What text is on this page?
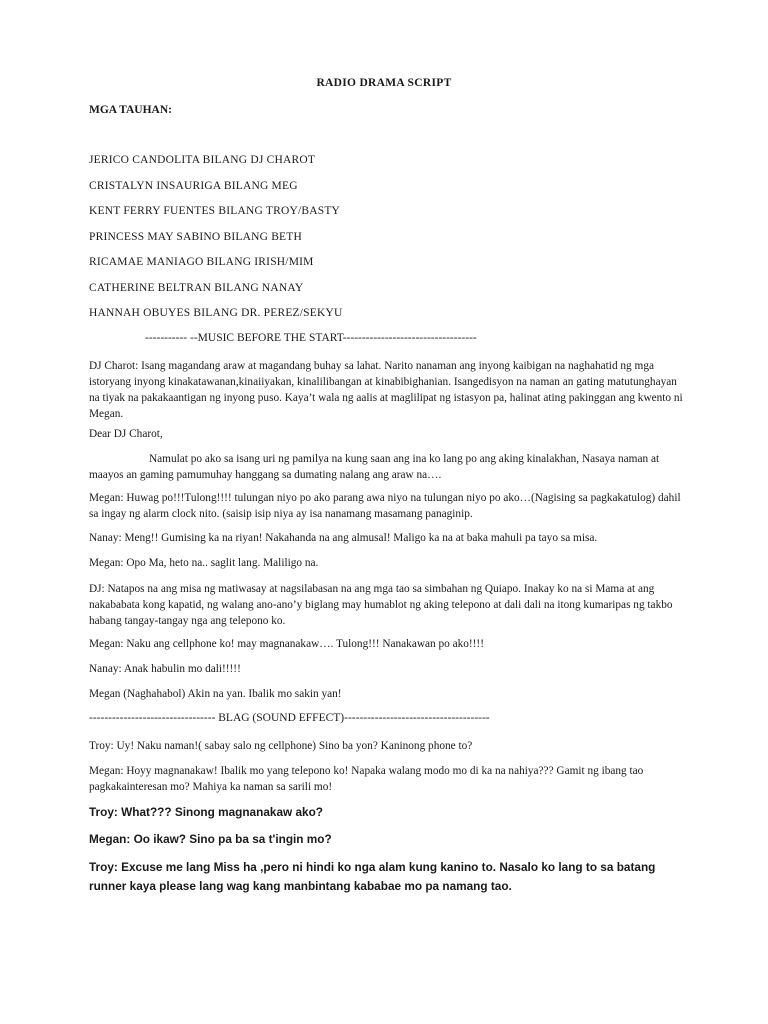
RADIO DRAMA SCRIPT
MGA TAUHAN:
JERICO CANDOLITA BILANG DJ CHAROT
CRISTALYN INSAURIGA BILANG MEG
KENT FERRY FUENTES BILANG TROY/BASTY
PRINCESS MAY SABINO BILANG BETH
RICAMAE MANIAGO BILANG IRISH/MIM
CATHERINE BELTRAN BILANG NANAY
HANNAH OBUYES BILANG DR. PEREZ/SEKYU
----------- --MUSIC BEFORE THE START-----------------------------------
DJ Charot: Isang magandang araw at magandang buhay sa lahat. Narito nanaman ang inyong kaibigan na naghahatid ng mga istoryang inyong kinakatawanan,kinaiiyakan, kinalilibangan at kinabibighanian. Isangedisyon na naman an gating matutunghayan na tiyak na pakakaantigan ng inyong puso. Kaya’t wala ng aalis at maglilipat ng istasyon pa, halinat ating pakinggan ang kwento ni Megan.
Dear DJ Charot,
Namulat po ako sa isang uri ng pamilya na kung saan ang ina ko lang po ang aking kinalakhan, Nasaya naman at maayos an gaming pamumuhay hanggang sa dumating nalang ang araw na….
Megan: Huwag po!!!Tulong!!!! tulungan niyo po ako parang awa niyo na tulungan niyo po ako…(Nagising sa pagkakatulog) dahil sa ingay ng alarm clock nito. (saisip isip niya ay isa nanamang masamang panaginip.
Nanay: Meng!! Gumising ka na riyan! Nakahanda na ang almusal! Maligo ka na at baka mahuli pa tayo sa misa.
Megan: Opo Ma, heto na.. saglit lang. Maliligo na.
DJ: Natapos na ang misa ng matiwasay at nagsilabasan na ang mga tao sa simbahan ng Quiapo. Inakay ko na si Mama at ang nakababata kong kapatid, ng walang ano-ano’y biglang may humablot ng aking telepono at dali dali na itong kumaripas ng takbo habang tangay-tangay nga ang telepono ko.
Megan: Naku ang cellphone ko! may magnanakaw…. Tulong!!! Nanakawan po ako!!!!
Nanay: Anak habulin mo dali!!!!!
Megan (Naghahabol) Akin na yan. Ibalik mo sakin yan!
--------------------------------- BLAG (SOUND EFFECT)--------------------------------------
Troy: Uy! Naku naman!( sabay salo ng cellphone) Sino ba yon? Kaninong phone to?
Megan: Hoyy magnanakaw! Ibalik mo yang telepono ko! Napaka walang modo mo di ka na nahiya??? Gamit ng ibang tao pagkakainteresan mo? Mahiya ka naman sa sarili mo!
Troy: What??? Sinong magnanakaw ako?
Megan: Oo ikaw? Sino pa ba sa t'ingin mo?
Troy: Excuse me lang Miss ha ,pero ni hindi ko nga alam kung kanino to. Nasalo ko lang to sa batang runner kaya please lang wag kang manbintang kababae mo pa namang tao.
